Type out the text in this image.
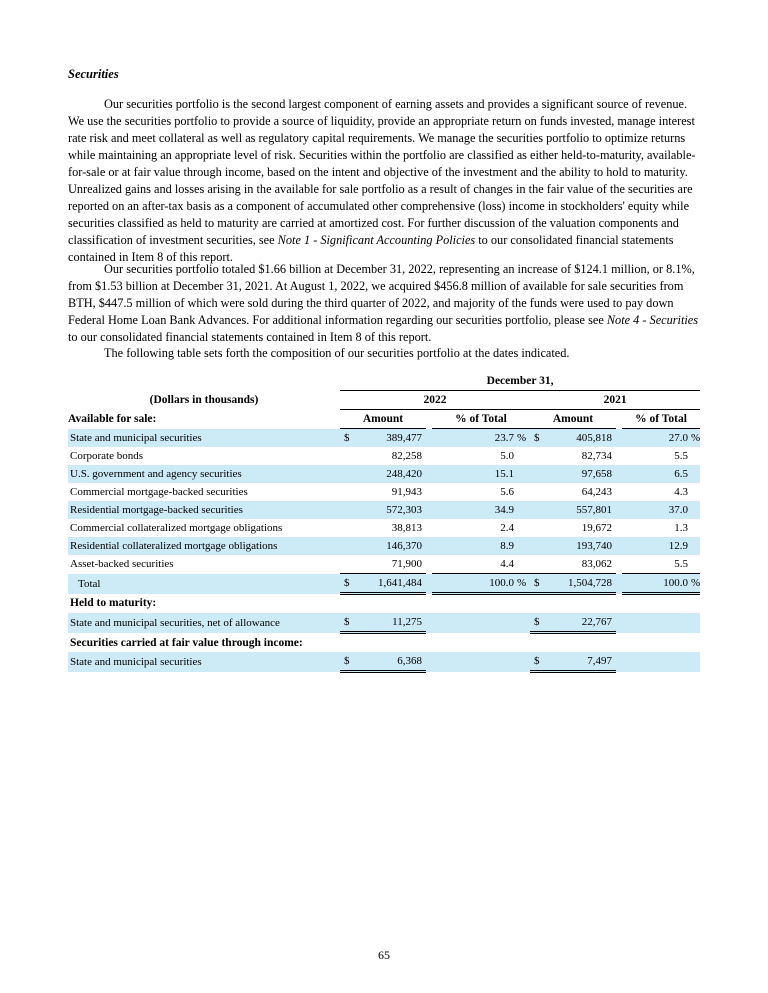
Securities

Our securities portfolio is the second largest component of earning assets and provides a significant source of revenue. We use the securities portfolio to provide a source of liquidity, provide an appropriate return on funds invested, manage interest rate risk and meet collateral as well as regulatory capital requirements. We manage the securities portfolio to optimize returns while maintaining an appropriate level of risk. Securities within the portfolio are classified as either held-to-maturity, available-for-sale or at fair value through income, based on the intent and objective of the investment and the ability to hold to maturity. Unrealized gains and losses arising in the available for sale portfolio as a result of changes in the fair value of the securities are reported on an after-tax basis as a component of accumulated other comprehensive (loss) income in stockholders' equity while securities classified as held to maturity are carried at amortized cost. For further discussion of the valuation components and classification of investment securities, see Note 1 - Significant Accounting Policies to our consolidated financial statements contained in Item 8 of this report.

Our securities portfolio totaled $1.66 billion at December 31, 2022, representing an increase of $124.1 million, or 8.1%, from $1.53 billion at December 31, 2021. At August 1, 2022, we acquired $456.8 million of available for sale securities from BTH, $447.5 million of which were sold during the third quarter of 2022, and majority of the funds were used to pay down Federal Home Loan Bank Advances. For additional information regarding our securities portfolio, please see Note 4 - Securities to our consolidated financial statements contained in Item 8 of this report.

The following table sets forth the composition of our securities portfolio at the dates indicated.

	December 31,									
(Dollars in thousands)	2022					2021				
Available for sale:	Amount			% of Total		Amount			% of Total	
State and municipal securities	$	389,477		23.7	%	$	405,818		27.0	%
Corporate bonds		82,258		5.0			82,734		5.5	
U.S. government and agency securities		248,420		15.1			97,658		6.5	
Commercial mortgage-backed securities		91,943		5.6			64,243		4.3	
Residential mortgage-backed securities		572,303		34.9			557,801		37.0	
Commercial collateralized mortgage obligations		38,813		2.4			19,672		1.3	
Residential collateralized mortgage obligations		146,370		8.9			193,740		12.9	
Asset-backed securities		71,900		4.4			83,062		5.5	
Total	$	1,641,484		100.0	%	$	1,504,728		100.0	%
Held to maturity:										
State and municipal securities, net of allowance	$	11,275				$	22,767			
Securities carried at fair value through income:										
State and municipal securities	$	6,368				$	7,497			
65
